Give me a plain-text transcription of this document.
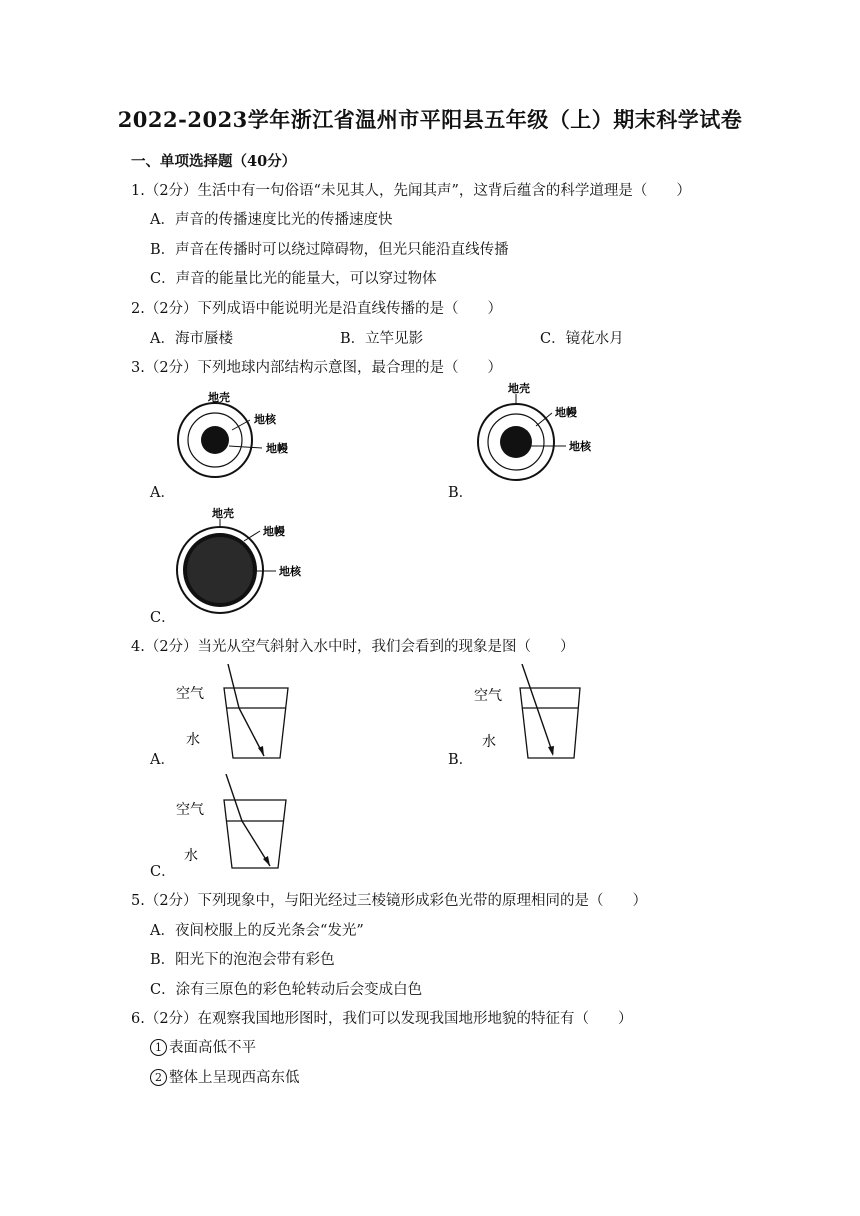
2022-2023学年浙江省温州市平阳县五年级（上）期末科学试卷
一、单项选择题（40分）
1.（2分）生活中有一句俗语“未见其人，先闻其声”，这背后蕴含的科学道理是（　　）
A．声音的传播速度比光的传播速度快
B．声音在传播时可以绕过障碍物，但光只能沿直线传播
C．声音的能量比光的能量大，可以穿过物体
2.（2分）下列成语中能说明光是沿直线传播的是（　　）
A．海市蜃楼	B．立竿见影	C．镜花水月
3.（2分）下列地球内部结构示意图，最合理的是（　　）
A．	B．
C．
地壳
地核
地幔
地壳
地幔
地核
地壳
地幔
地核
4.（2分）当光从空气斜射入水中时，我们会看到的现象是图（　　）
A．	B．
C．
空气
水
空气
水
空气
水
5.（2分）下列现象中，与阳光经过三棱镜形成彩色光带的原理相同的是（　　）
A．夜间校服上的反光条会“发光”
B．阳光下的泡泡会带有彩色
C．涂有三原色的彩色轮转动后会变成白色
6.（2分）在观察我国地形图时，我们可以发现我国地形地貌的特征有（　　）
1 表面高低不平
2 整体上呈现西高东低
